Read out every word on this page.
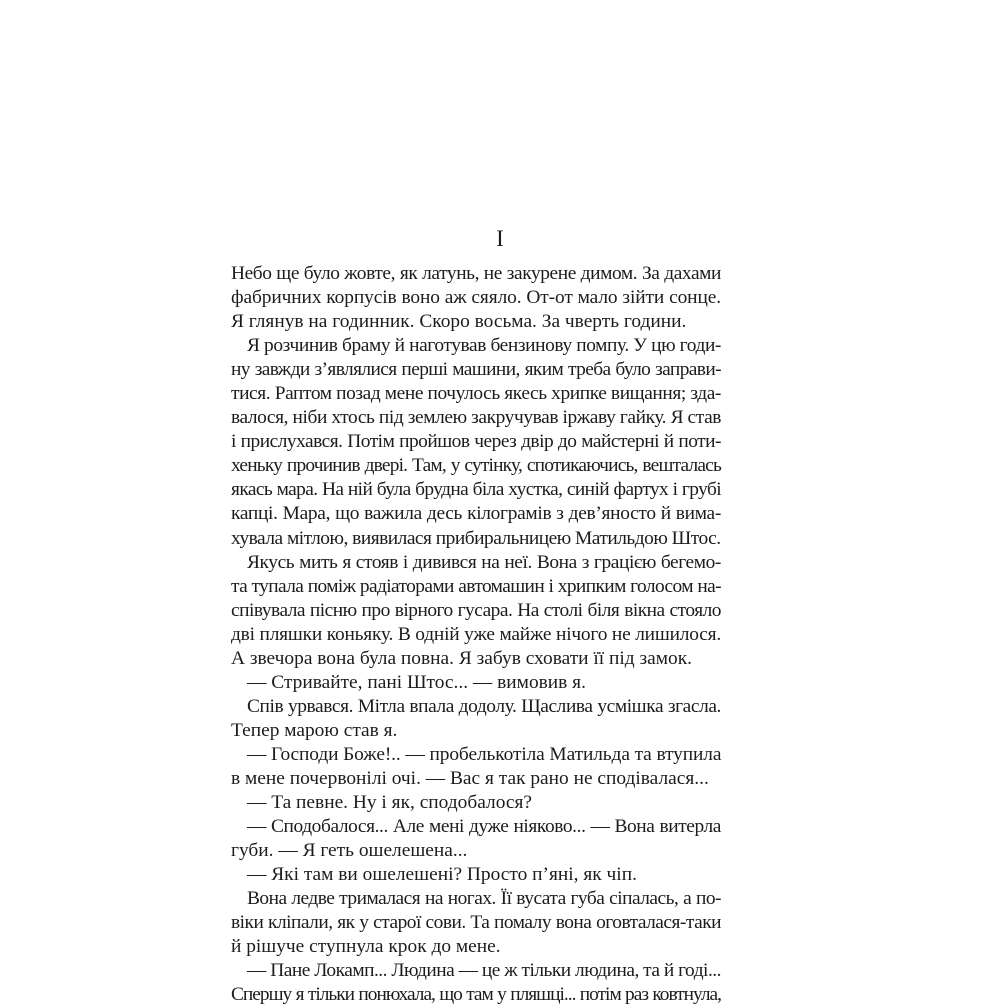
I
Небо ще було жовте, як латунь, не закурене димом. За дахами
фабричних корпусів воно аж сяяло. От-от мало зійти сонце.
Я глянув на годинник. Скоро восьма. За чверть години.
Я розчинив браму й наготував бензинову помпу. У цю годи-
ну завжди з’являлися перші машини, яким треба було заправи-
тися. Раптом позад мене почулось якесь хрипке вищання; зда-
валося, ніби хтось під землею закручував іржаву гайку. Я став
і прислухався. Потім пройшов через двір до майстерні й поти-
хеньку прочинив двері. Там, у сутінку, спотикаючись, вешталась
якась мара. На ній була брудна біла хустка, синій фартух і грубі
капці. Мара, що важила десь кілограмів з дев’яносто й вима-
хувала мітлою, виявилася прибиральницею Матильдою Штос.
Якусь мить я стояв і дивився на неї. Вона з грацією бегемо-
та тупала поміж радіаторами автомашин і хрипким голосом на-
співувала пісню про вірного гусара. На столі біля вікна стояло
дві пляшки коньяку. В одній уже майже нічого не лишилося.
А звечора вона була повна. Я забув сховати її під замок.
— Стривайте, пані Штос... — вимовив я.
Спів урвався. Мітла впала додолу. Щаслива усмішка згасла.
Тепер марою став я.
— Господи Боже!.. — пробелькотіла Матильда та втупила
в мене почервонілі очі. — Вас я так рано не сподівалася...
— Та певне. Ну і як, сподобалося?
— Сподобалося... Але мені дуже ніяково... — Вона витерла
губи. — Я геть ошелешена...
— Які там ви ошелешені? Просто п’яні, як чіп.
Вона ледве трималася на ногах. Її вусата губа сіпалась, а по-
віки кліпали, як у старої сови. Та помалу вона оговталася-таки
й рішуче ступнула крок до мене.
— Пане Локамп... Людина — це ж тільки людина, та й годі...
Спершу я тільки понюхала, що там у пляшці... потім раз ковтнула,
